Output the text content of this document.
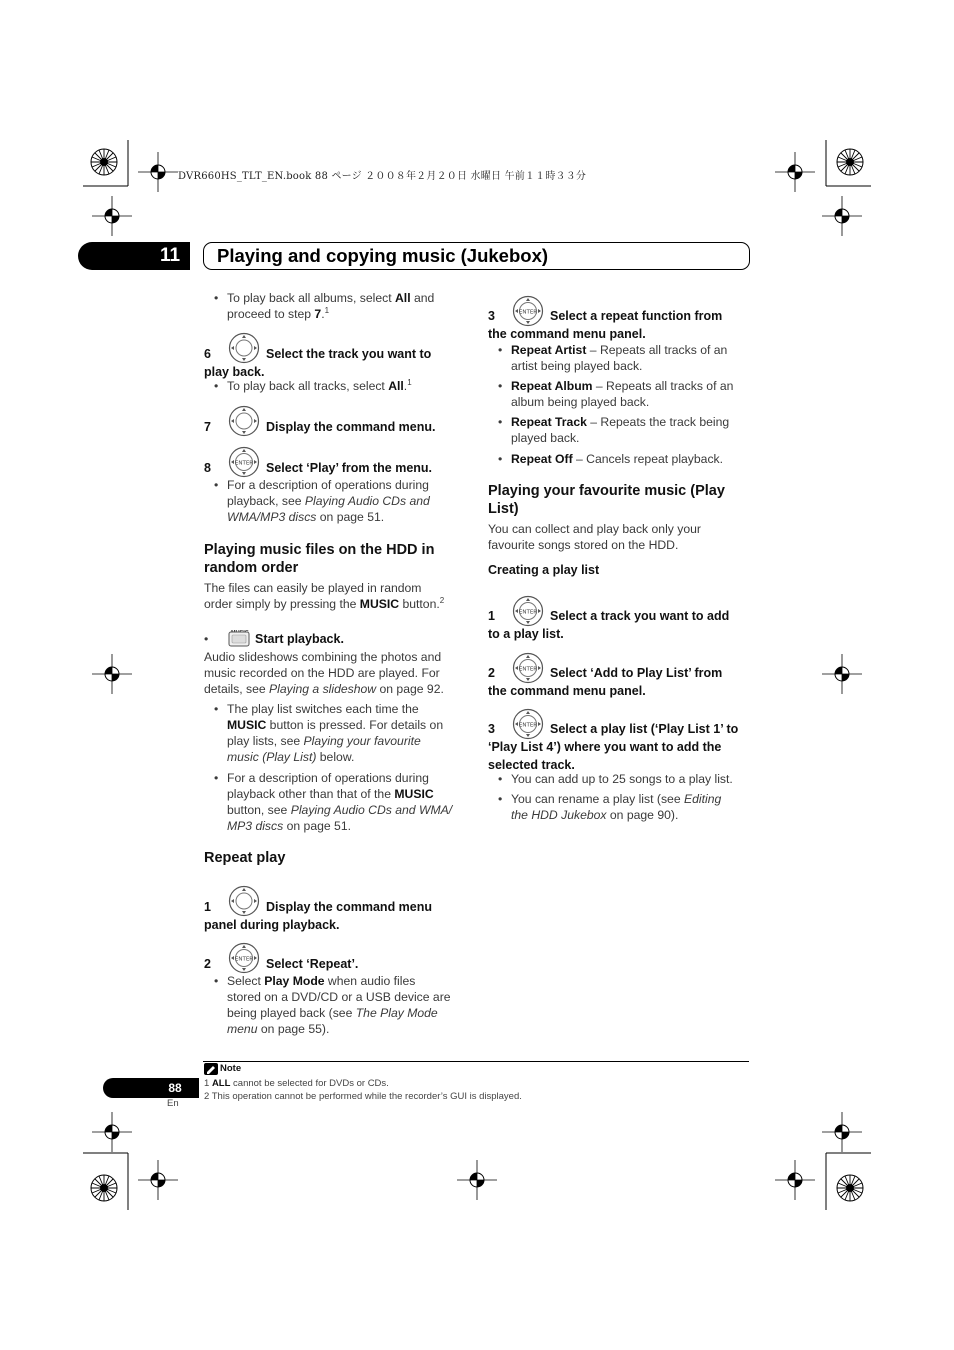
DVR660HS_TLT_EN.book 88 ページ ２００８年２月２０日 水曜日 午前１１時３３分
11	Playing and copying music (Jukebox)
• To play back all albums, select All and
proceed to step 7.$^1$
6	Select the track you want to

play back.
• To play back all tracks, select All.$^1$
7	Display the command menu.
ENTER
8	Select ‘Play’ from the menu.
• For a description of operations during
playback, see Playing Audio CDs and
WMA/MP3 discs on page 51.
Playing music files on the HDD in
random order
The files can easily be played in random
order simply by pressing the MUSIC button.$^2$
•	Start playback.
Audio slideshows combining the photos and
music recorded on the HDD are played. For
details, see Playing a slideshow on page 92.
• The play list switches each time the
MUSIC button is pressed. For details on
play lists, see Playing your favourite
music (Play List) below.
• For a description of operations during
playback other than that of the MUSIC
button, see Playing Audio CDs and WMA/
MP3 discs on page 51.
Repeat play
1	Display the command menu

panel during playback.
ENTER
2	Select ‘Repeat’.
• Select Play Mode when audio files
stored on a DVD/CD or a USB device are
being played back (see The Play Mode
menu on page 55).
ENTER
3	Select a repeat function from

the command menu panel.
• Repeat Artist – Repeats all tracks of an
artist being played back.
• Repeat Album – Repeats all tracks of an
album being played back.
• Repeat Track – Repeats the track being
played back.
• Repeat Off – Cancels repeat playback.
Playing your favourite music (Play
List)
You can collect and play back only your
favourite songs stored on the HDD.
Creating a play list
ENTER
1	Select a track you want to add

to a play list.
ENTER
2	Select ‘Add to Play List’ from

the command menu panel.
ENTER
3	Select a play list (‘Play List 1’ to

‘Play List 4’) where you want to add the
selected track.
• You can add up to 25 songs to a play list.
• You can rename a play list (see Editing
the HDD Jukebox on page 90).
Note
1 ALL cannot be selected for DVDs or CDs.
2 This operation cannot be performed while the recorder’s GUI is displayed.
88
En
